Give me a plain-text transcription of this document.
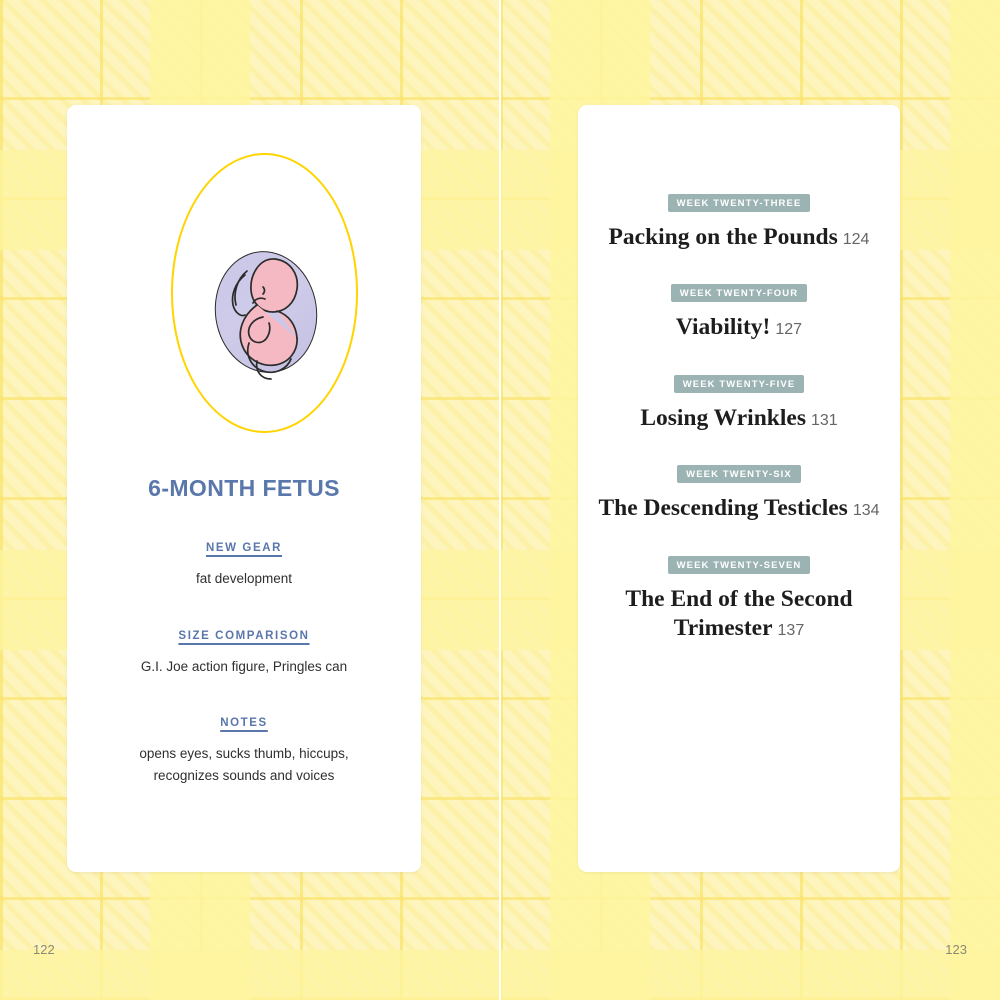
6-MONTH FETUS
NEW GEAR
fat development
SIZE COMPARISON
G.I. Joe action figure, Pringles can
NOTES
opens eyes, sucks thumb, hiccups, recognizes sounds and voices
122
WEEK TWENTY-THREE
Packing on the Pounds 124
WEEK TWENTY-FOUR
Viability! 127
WEEK TWENTY-FIVE
Losing Wrinkles 131
WEEK TWENTY-SIX
The Descending Testicles 134
WEEK TWENTY-SEVEN
The End of the Second Trimester 137
123
